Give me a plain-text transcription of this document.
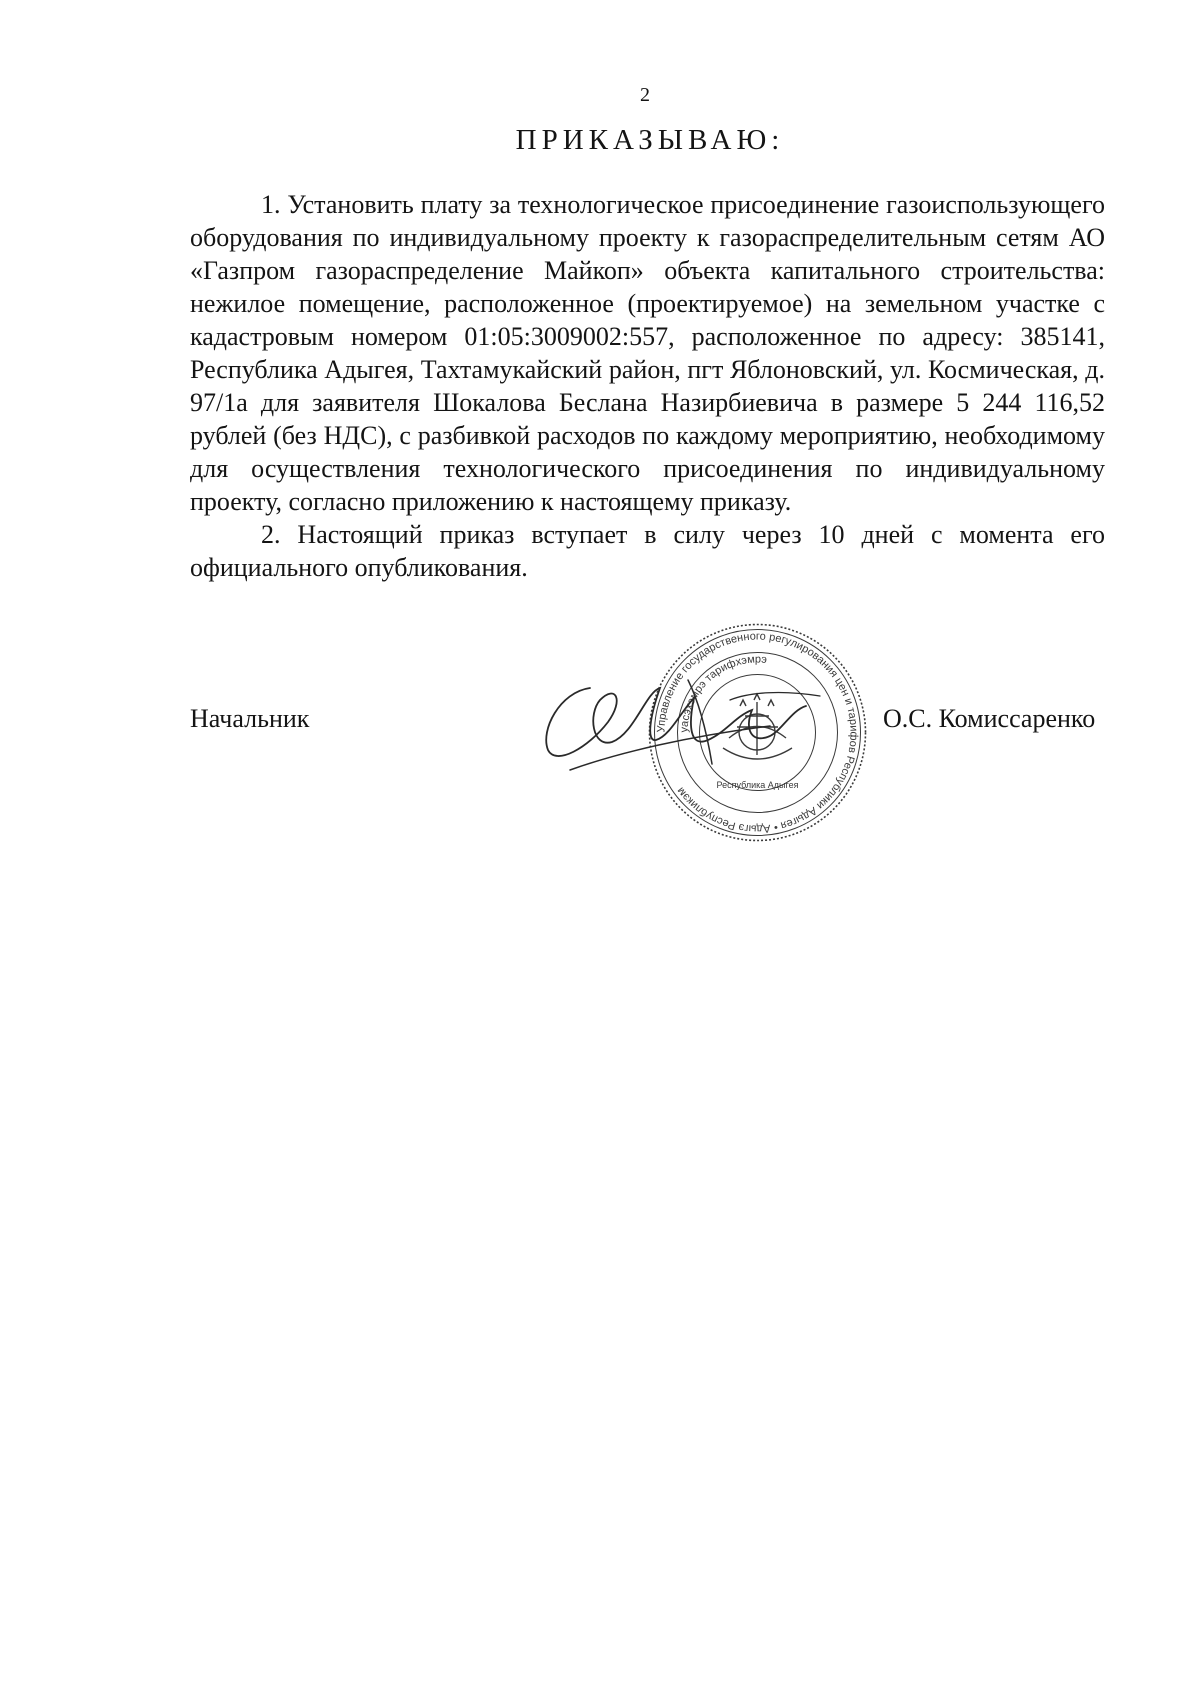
2
ПРИКАЗЫВАЮ:

1. Установить плату за технологическое присоединение газоиспользующего оборудования по индивидуальному проекту к газораспределительным сетям АО «Газпром газораспределение Майкоп» объекта капитального строительства: нежилое помещение, расположенное (проектируемое) на земельном участке с кадастровым номером 01:05:3009002:557, расположенное по адресу: 385141, Республика Адыгея, Тахтамукайский район, пгт Яблоновский, ул. Космическая, д. 97/1а для заявителя Шокалова Беслана Назирбиевича в размере 5 244 116,52 рублей (без НДС), с разбивкой расходов по каждому мероприятию, необходимому для осуществления технологического присоединения по индивидуальному проекту, согласно приложению к настоящему приказу.

2. Настоящий приказ вступает в силу через 10 дней с момента его официального опубликования.

Начальник	Управление государственного регулирования цен и тарифов Республики Адыгея • Адыгэ Республикэм
уасэхэмрэ тарифхэмрэ
Республика Адыгея
О.С. Комиссаренко
